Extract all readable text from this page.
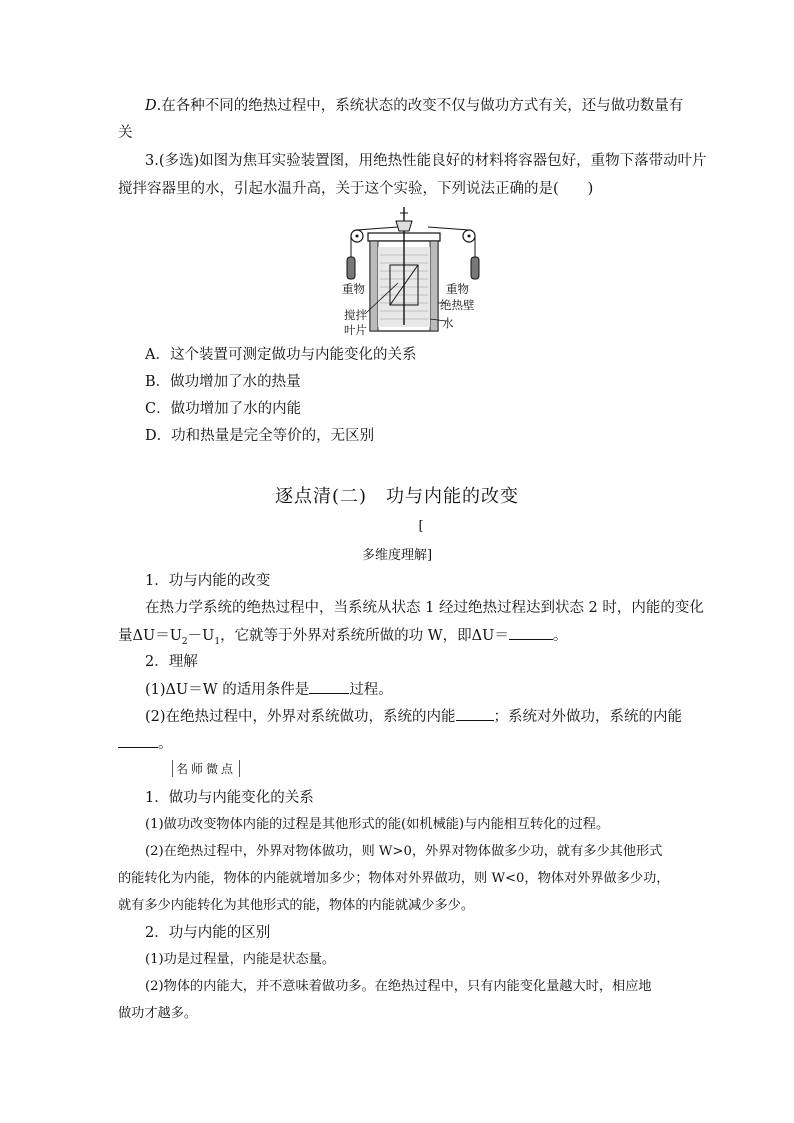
D.在各种不同的绝热过程中，系统状态的改变不仅与做功方式有关，还与做功数量有
关
3.(多选)如图为焦耳实验装置图，用绝热性能良好的材料将容器包好，重物下落带动叶片
搅拌容器里的水，引起水温升高，关于这个实验，下列说法正确的是(　　)
重物	重物
搅拌
叶片
绝热壁
水
A．这个装置可测定做功与内能变化的关系
B．做功增加了水的热量
C．做功增加了水的内能
D．功和热量是完全等价的，无区别
逐点清(二)　功与内能的改变
[
多维度理解]
1．功与内能的改变
在热力学系统的绝热过程中，当系统从状态 1 经过绝热过程达到状态 2 时，内能的变化
量$\Delta U=U_2-U_1$，它就等于外界对系统所做的功 W，即ΔU＝	。
2．理解
(1)ΔU＝W 的适用条件是	过程。
(2)在绝热过程中，外界对系统做功，系统的内能	；系统对外做功，系统的内能
。
名师微点
1．做功与内能变化的关系
(1)做功改变物体内能的过程是其他形式的能(如机械能)与内能相互转化的过程。
(2)在绝热过程中，外界对物体做功，则 W>0，外界对物体做多少功，就有多少其他形式
的能转化为内能，物体的内能就增加多少；物体对外界做功，则 W<0，物体对外界做多少功，
就有多少内能转化为其他形式的能，物体的内能就减少多少。
2．功与内能的区别
(1)功是过程量，内能是状态量。
(2)物体的内能大，并不意味着做功多。在绝热过程中，只有内能变化量越大时，相应地
做功才越多。
